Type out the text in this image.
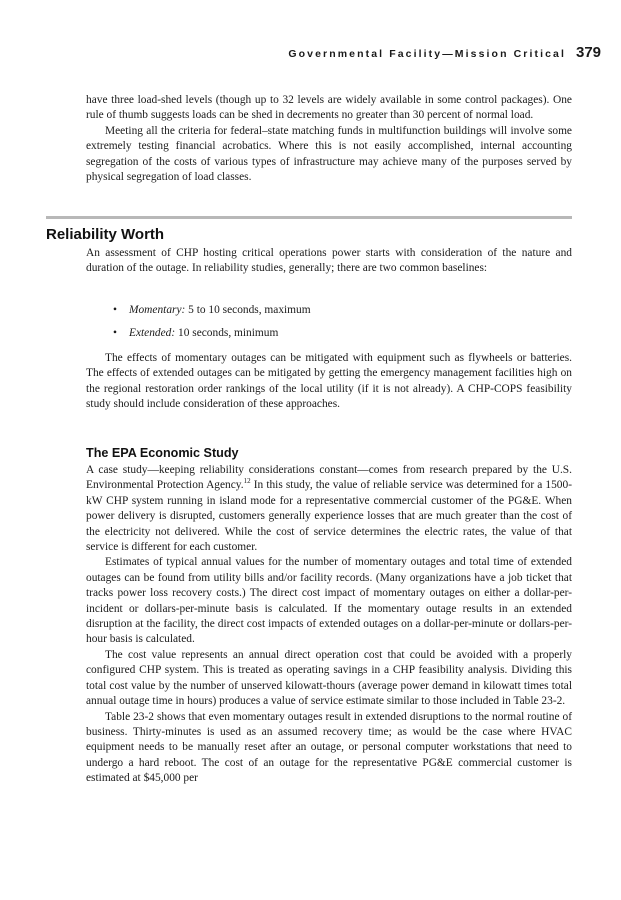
Governmental Facility—Mission Critical 379

have three load-shed levels (though up to 32 levels are widely available in some control packages). One rule of thumb suggests loads can be shed in decrements no greater than 30 percent of normal load.

Meeting all the criteria for federal–state matching funds in multifunction buildings will involve some extremely testing financial acrobatics. Where this is not easily accomplished, internal accounting segregation of the costs of various types of infrastructure may achieve many of the purposes served by physical segregation of load classes.

Reliability Worth

An assessment of CHP hosting critical operations power starts with consideration of the nature and duration of the outage. In reliability studies, generally; there are two common baselines:

• Momentary: 5 to 10 seconds, maximum
• Extended: 10 seconds, minimum

The effects of momentary outages can be mitigated with equipment such as flywheels or batteries. The effects of extended outages can be mitigated by getting the emergency management facilities high on the regional restoration order rankings of the local utility (if it is not already). A CHP-COPS feasibility study should include consideration of these approaches.

The EPA Economic Study

A case study—keeping reliability considerations constant—comes from research prepared by the U.S. Environmental Protection Agency.$^{12}$ In this study, the value of reliable service was determined for a 1500-kW CHP system running in island mode for a representative commercial customer of the PG&E. When power delivery is disrupted, customers generally experience losses that are much greater than the cost of the electricity not delivered. While the cost of service determines the electric rates, the value of that service is different for each customer.

Estimates of typical annual values for the number of momentary outages and total time of extended outages can be found from utility bills and/or facility records. (Many organizations have a job ticket that tracks power loss recovery costs.) The direct cost impact of momentary outages on either a dollar-per-incident or dollars-per-minute basis is calculated. If the momentary outage results in an extended disruption at the facility, the direct cost impacts of extended outages on a dollar-per-minute or dollars-per-hour basis is calculated.

The cost value represents an annual direct operation cost that could be avoided with a properly configured CHP system. This is treated as operating savings in a CHP feasibility analysis. Dividing this total cost value by the number of unserved kilowatt-thours (average power demand in kilowatt times total annual outage time in hours) produces a value of service estimate similar to those included in Table 23-2.

Table 23-2 shows that even momentary outages result in extended disruptions to the normal routine of business. Thirty-minutes is used as an assumed recovery time; as would be the case where HVAC equipment needs to be manually reset after an outage, or personal computer workstations that need to undergo a hard reboot. The cost of an outage for the representative PG&E commercial customer is estimated at $45,000 per
